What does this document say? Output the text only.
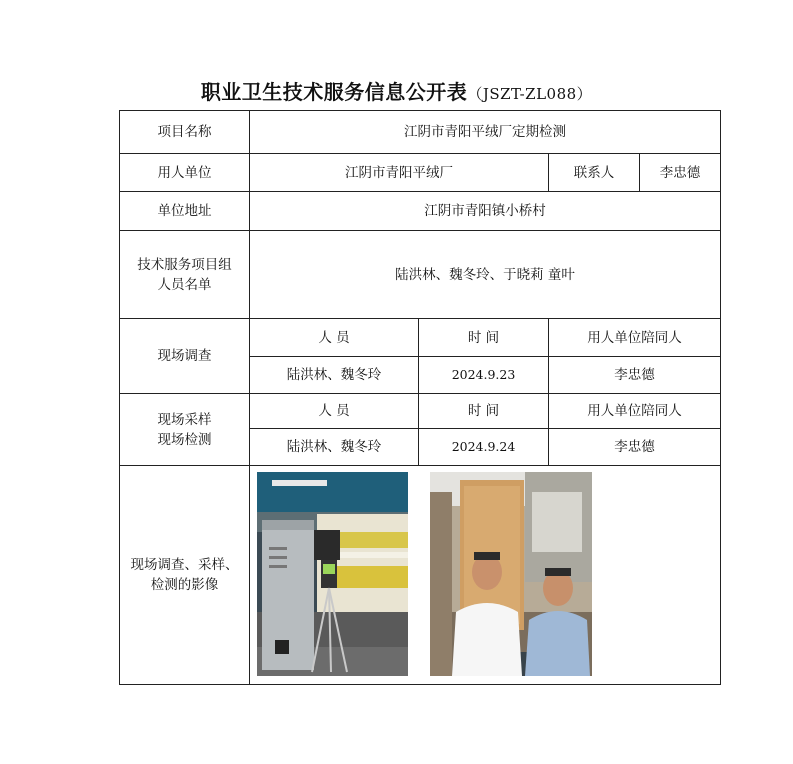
职业卫生技术服务信息公开表（JSZT-ZL088）
项目名称	江阴市青阳平绒厂定期检测			
用人单位	江阴市青阳平绒厂		联系人	李忠德
单位地址	江阴市青阳镇小桥村			

技术服务项目组
人员名单	陆洪林、魏冬玲、于晓莉 童叶			
现场调查	人 员	时 间	用人单位陪同人	
	陆洪林、魏冬玲	2024.9.23	李忠德	

现场采样
现场检测	人 员	时 间	用人单位陪同人	
	陆洪林、魏冬玲	2024.9.24	李忠德	

现场调查、采样、
检测的影像
